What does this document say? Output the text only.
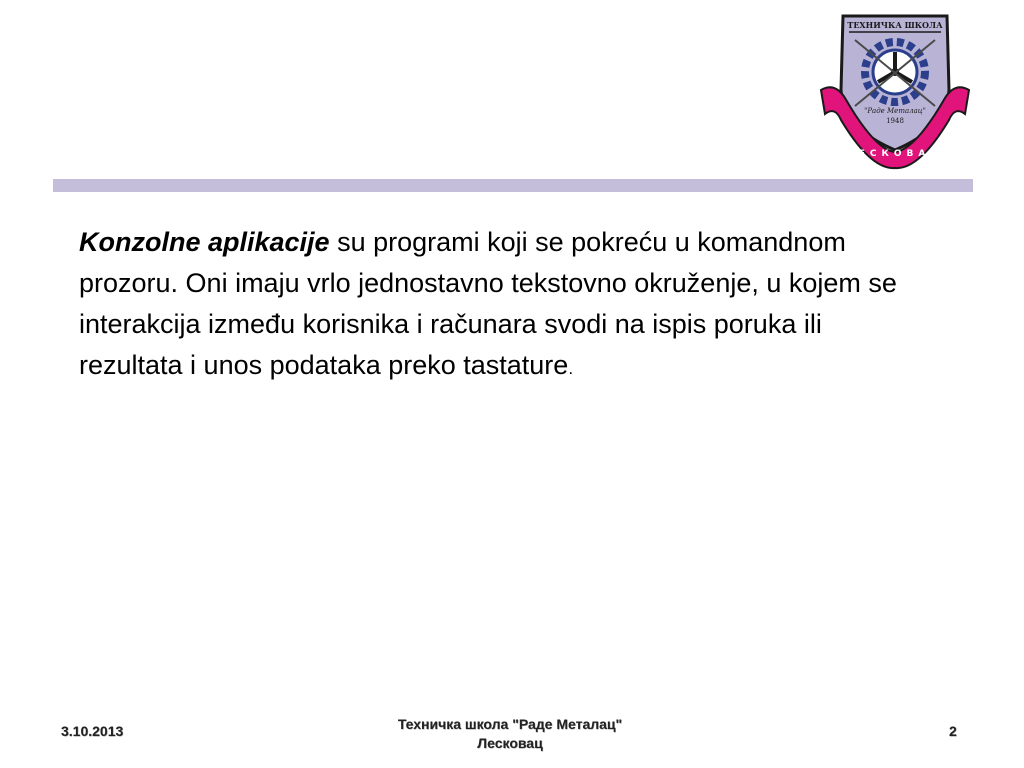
ТЕХНИЧКА ШКОЛА
"Раде Металац"
1948
ЛЕСКОВАЦ

Konzolne aplikacije su programi koji se pokreću u komandnom prozoru. Oni imaju vrlo jednostavno tekstovno okruženje, u kojem se interakcija između korisnika i računara svodi na ispis poruka ili rezultata i unos podataka preko tastature.

3.10.2013	Техничка школа "Раде Металац"
Лесковац
2
